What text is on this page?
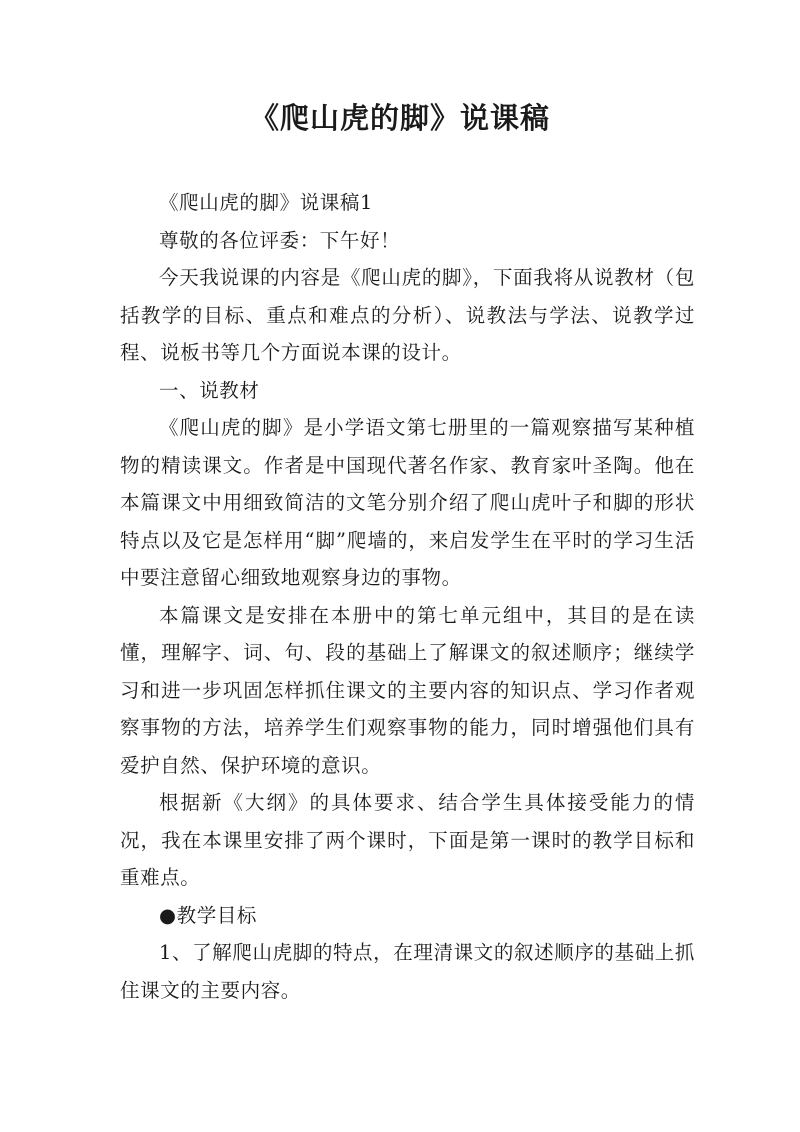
《爬山虎的脚》说课稿

《爬山虎的脚》说课稿1

尊敬的各位评委：下午好！

今天我说课的内容是《爬山虎的脚》，下面我将从说教材（包括教学的目标、重点和难点的分析）、说教法与学法、说教学过程、说板书等几个方面说本课的设计。

一、说教材

《爬山虎的脚》是小学语文第七册里的一篇观察描写某种植物的精读课文。作者是中国现代著名作家、教育家叶圣陶。他在本篇课文中用细致简洁的文笔分别介绍了爬山虎叶子和脚的形状特点以及它是怎样用“脚”爬墙的，来启发学生在平时的学习生活中要注意留心细致地观察身边的事物。

本篇课文是安排在本册中的第七单元组中，其目的是在读懂，理解字、词、句、段的基础上了解课文的叙述顺序；继续学习和进一步巩固怎样抓住课文的主要内容的知识点、学习作者观察事物的方法，培养学生们观察事物的能力，同时增强他们具有爱护自然、保护环境的意识。

根据新《大纲》的具体要求、结合学生具体接受能力的情况，我在本课里安排了两个课时，下面是第一课时的教学目标和重难点。

●教学目标

1、了解爬山虎脚的特点，在理清课文的叙述顺序的基础上抓住课文的主要内容。
